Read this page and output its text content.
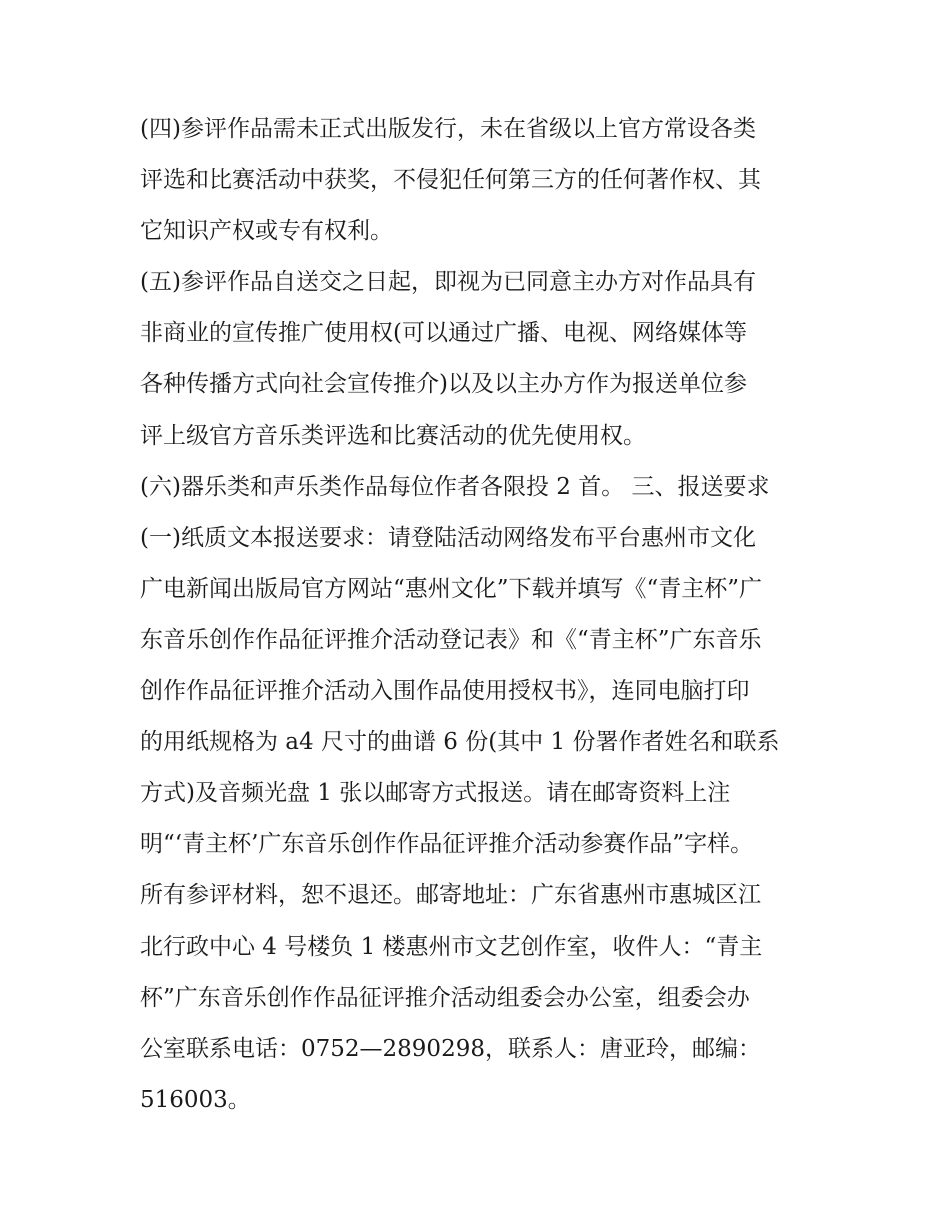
(四)参评作品需未正式出版发行，未在省级以上官方常设各类
评选和比赛活动中获奖，不侵犯任何第三方的任何著作权、其
它知识产权或专有权利。
(五)参评作品自送交之日起，即视为已同意主办方对作品具有
非商业的宣传推广使用权(可以通过广播、电视、网络媒体等
各种传播方式向社会宣传推介)以及以主办方作为报送单位参
评上级官方音乐类评选和比赛活动的优先使用权。
(六)器乐类和声乐类作品每位作者各限投 2 首。 三、报送要求
(一)纸质文本报送要求：请登陆活动网络发布平台惠州市文化
广电新闻出版局官方网站“惠州文化”下载并填写《“青主杯”广
东音乐创作作品征评推介活动登记表》和《“青主杯”广东音乐
创作作品征评推介活动入围作品使用授权书》，连同电脑打印
的用纸规格为 a4 尺寸的曲谱 6 份(其中 1 份署作者姓名和联系
方式)及音频光盘 1 张以邮寄方式报送。请在邮寄资料上注
明“‘青主杯’广东音乐创作作品征评推介活动参赛作品”字样。
所有参评材料，恕不退还。邮寄地址：广东省惠州市惠城区江
北行政中心 4 号楼负 1 楼惠州市文艺创作室，收件人：“青主
杯”广东音乐创作作品征评推介活动组委会办公室，组委会办
公室联系电话：0752—2890298，联系人：唐亚玲，邮编：
516003。
